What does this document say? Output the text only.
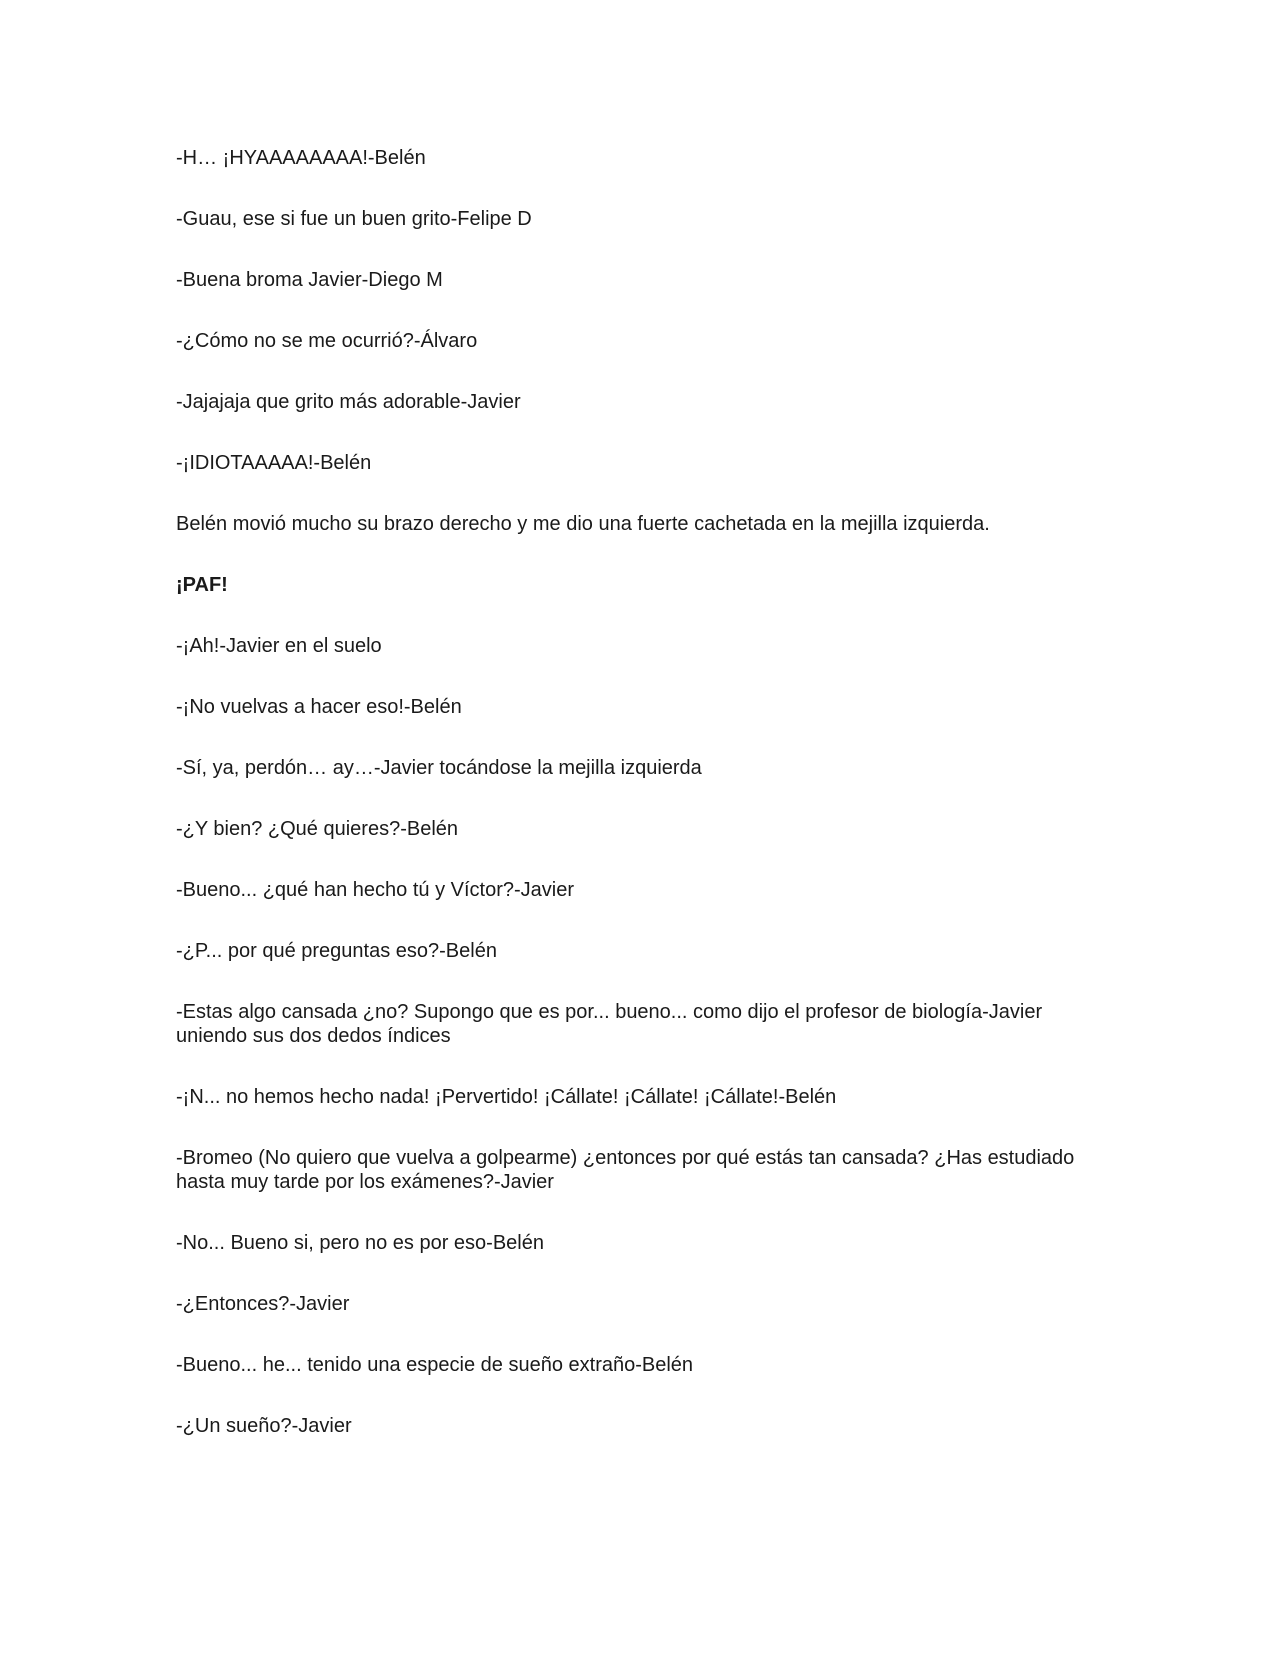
-H… ¡HYAAAAAAAA!-Belén

-Guau, ese si fue un buen grito-Felipe D

-Buena broma Javier-Diego M

-¿Cómo no se me ocurrió?-Álvaro

-Jajajaja que grito más adorable-Javier

-¡IDIOTAAAAA!-Belén

Belén movió mucho su brazo derecho y me dio una fuerte cachetada en la mejilla izquierda.

¡PAF!

-¡Ah!-Javier en el suelo

-¡No vuelvas a hacer eso!-Belén

-Sí, ya, perdón… ay…-Javier tocándose la mejilla izquierda

-¿Y bien? ¿Qué quieres?-Belén

-Bueno... ¿qué han hecho tú y Víctor?-Javier

-¿P... por qué preguntas eso?-Belén

-Estas algo cansada ¿no? Supongo que es por... bueno... como dijo el profesor de biología-Javier uniendo sus dos dedos índices

-¡N... no hemos hecho nada! ¡Pervertido! ¡Cállate! ¡Cállate! ¡Cállate!-Belén

-Bromeo (No quiero que vuelva a golpearme) ¿entonces por qué estás tan cansada? ¿Has estudiado hasta muy tarde por los exámenes?-Javier

-No... Bueno si, pero no es por eso-Belén

-¿Entonces?-Javier

-Bueno... he... tenido una especie de sueño extraño-Belén

-¿Un sueño?-Javier
